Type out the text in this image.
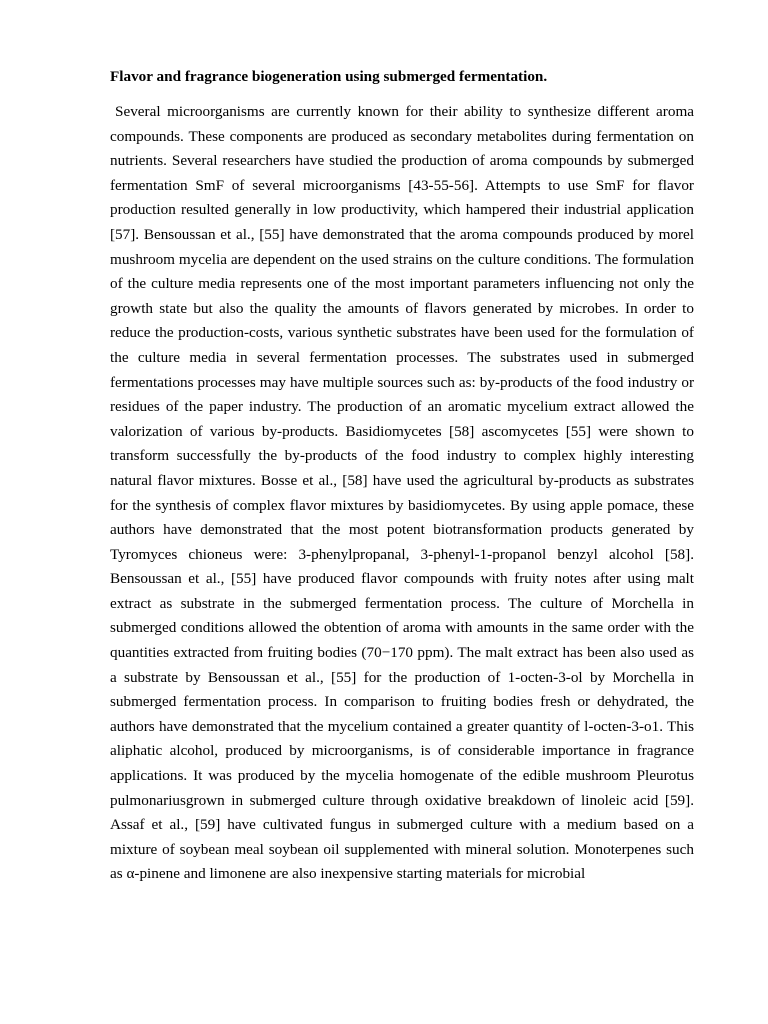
Flavor and fragrance biogeneration using submerged fermentation.

Several microorganisms are currently known for their ability to synthesize different aroma compounds. These components are produced as secondary metabolites during fermentation on nutrients. Several researchers have studied the production of aroma compounds by submerged fermentation SmF of several microorganisms [43-55-56]. Attempts to use SmF for flavor production resulted generally in low productivity, which hampered their industrial application [57]. Bensoussan et al., [55] have demonstrated that the aroma compounds produced by morel mushroom mycelia are dependent on the used strains on the culture conditions. The formulation of the culture media represents one of the most important parameters influencing not only the growth state but also the quality the amounts of flavors generated by microbes. In order to reduce the production-costs, various synthetic substrates have been used for the formulation of the culture media in several fermentation processes. The substrates used in submerged fermentations processes may have multiple sources such as: by-products of the food industry or residues of the paper industry. The production of an aromatic mycelium extract allowed the valorization of various by-products. Basidiomycetes [58] ascomycetes [55] were shown to transform successfully the by-products of the food industry to complex highly interesting natural flavor mixtures. Bosse et al., [58] have used the agricultural by-products as substrates for the synthesis of complex flavor mixtures by basidiomycetes. By using apple pomace, these authors have demonstrated that the most potent biotransformation products generated by Tyromyces chioneus were: 3-phenylpropanal, 3-phenyl-1-propanol benzyl alcohol [58]. Bensoussan et al., [55] have produced flavor compounds with fruity notes after using malt extract as substrate in the submerged fermentation process. The culture of Morchella in submerged conditions allowed the obtention of aroma with amounts in the same order with the quantities extracted from fruiting bodies (70−170 ppm). The malt extract has been also used as a substrate by Bensoussan et al., [55] for the production of 1-octen-3-ol by Morchella in submerged fermentation process. In comparison to fruiting bodies fresh or dehydrated, the authors have demonstrated that the mycelium contained a greater quantity of l-octen-3-o1. This aliphatic alcohol, produced by microorganisms, is of considerable importance in fragrance applications. It was produced by the mycelia homogenate of the edible mushroom Pleurotus pulmonariusgrown in submerged culture through oxidative breakdown of linoleic acid [59]. Assaf et al., [59] have cultivated fungus in submerged culture with a medium based on a mixture of soybean meal soybean oil supplemented with mineral solution. Monoterpenes such as α-pinene and limonene are also inexpensive starting materials for microbial
